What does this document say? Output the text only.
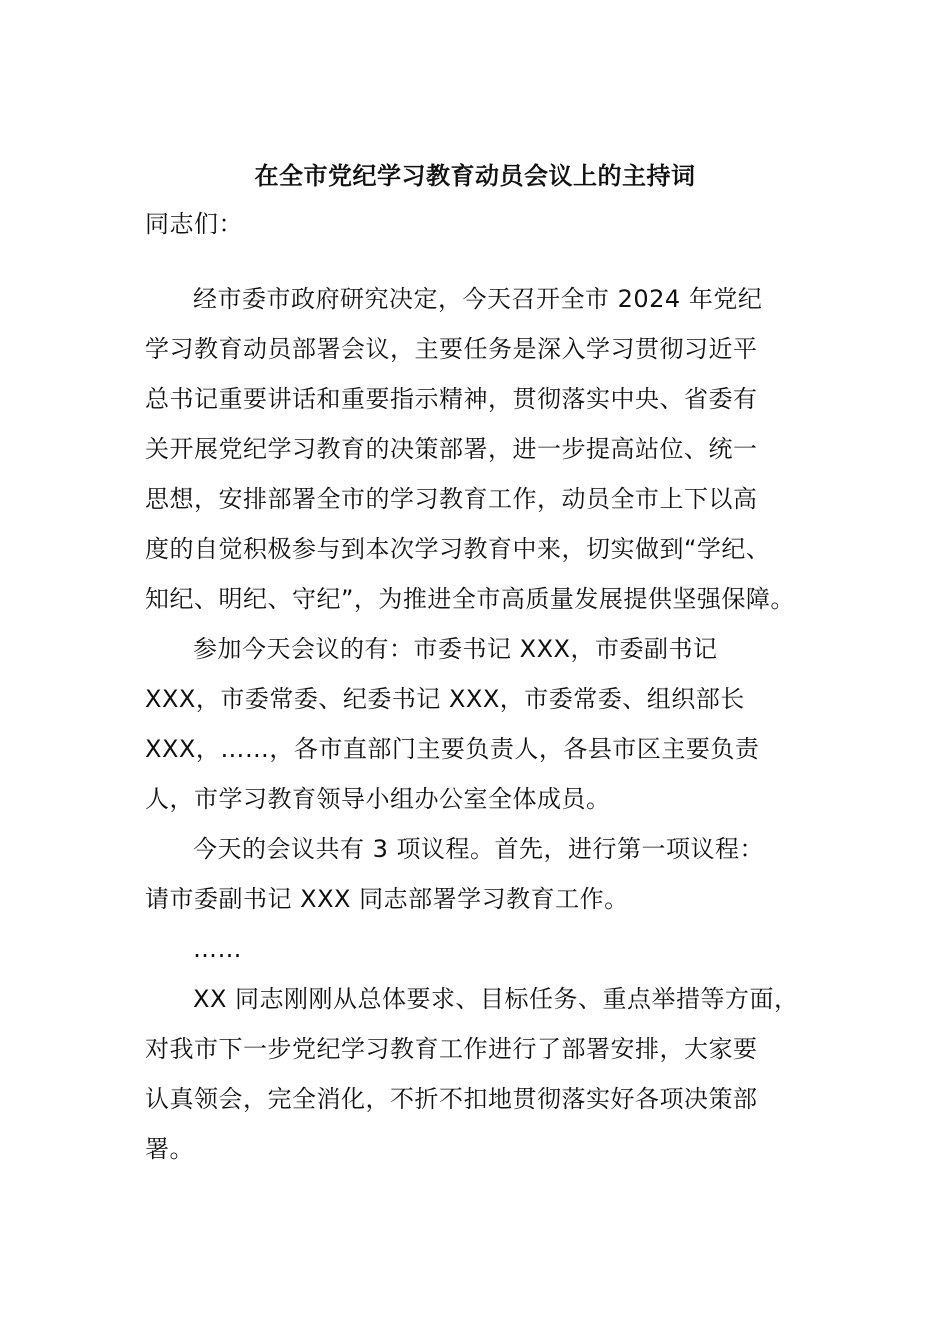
在全市党纪学习教育动员会议上的主持词
同志们：
经市委市政府研究决定，今天召开全市 2024 年党纪
学习教育动员部署会议，主要任务是深入学习贯彻习近平
总书记重要讲话和重要指示精神，贯彻落实中央、省委有
关开展党纪学习教育的决策部署，进一步提高站位、统一
思想，安排部署全市的学习教育工作，动员全市上下以高
度的自觉积极参与到本次学习教育中来，切实做到“学纪、
知纪、明纪、守纪”，为推进全市高质量发展提供坚强保障。
参加今天会议的有：市委书记 XXX，市委副书记
XXX，市委常委、纪委书记 XXX，市委常委、组织部长
XXX，……，各市直部门主要负责人，各县市区主要负责
人，市学习教育领导小组办公室全体成员。
今天的会议共有 3 项议程。首先，进行第一项议程：
请市委副书记 XXX 同志部署学习教育工作。
……
XX 同志刚刚从总体要求、目标任务、重点举措等方面，
对我市下一步党纪学习教育工作进行了部署安排，大家要
认真领会，完全消化，不折不扣地贯彻落实好各项决策部
署。
